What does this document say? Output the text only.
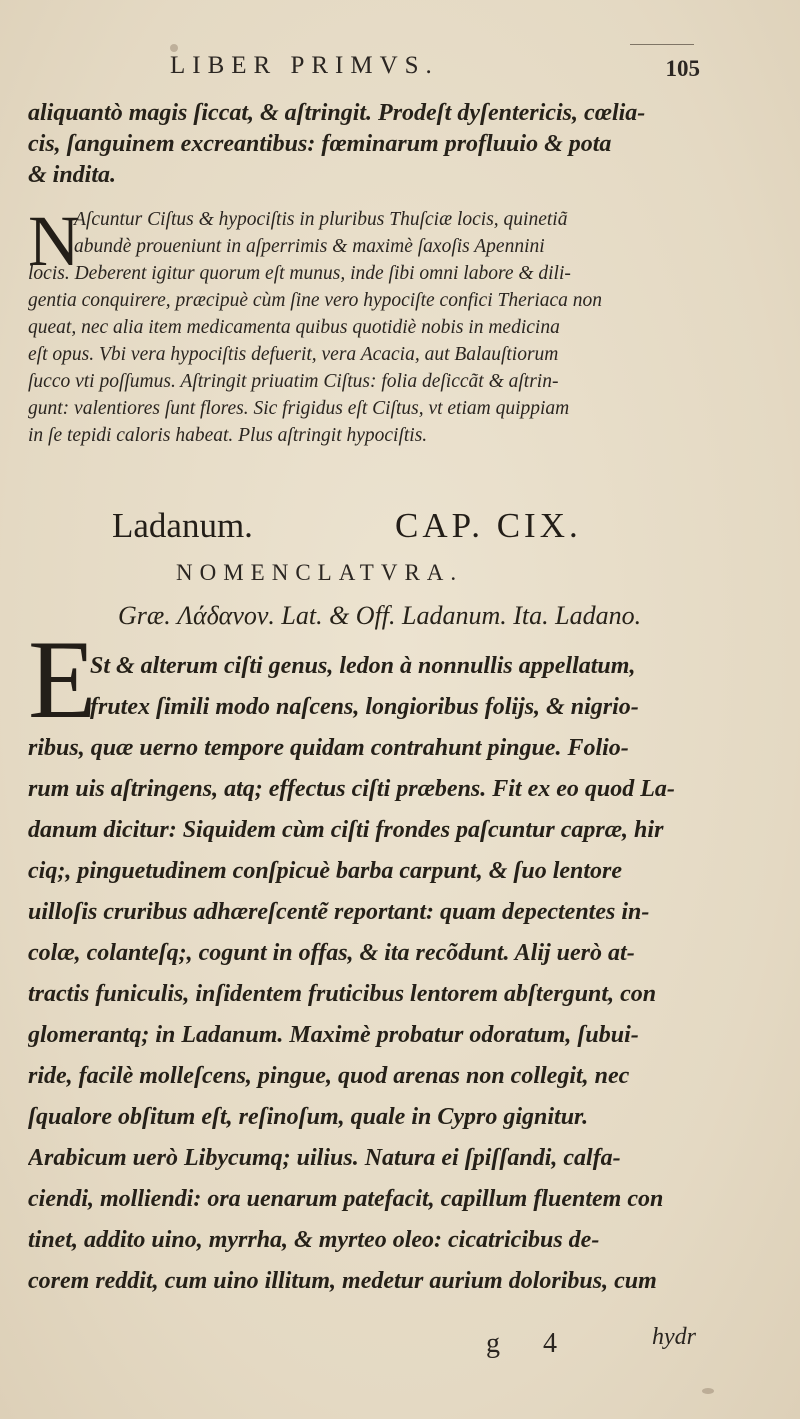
LIBER PRIMVS.	105
aliquantò magis ſiccat, & aſtringit. Prodeſt dyſentericis, cœlia-
cis, ſanguinem excreantibus: fœminarum profluuio & pota
& indita.
N
Aſcuntur Ciſtus & hypociſtis in pluribus Thuſciæ locis, quinetiã
abundè proueniunt in aſperrimis & maximè ſaxoſis Apennini
locis. Deberent igitur quorum eſt munus, inde ſibi omni labore & dili-
gentia conquirere, præcipuè cùm ſine vero hypociſte confici Theriaca non
queat, nec alia item medicamenta quibus quotidiè nobis in medicina
eſt opus. Vbi vera hypociſtis defuerit, vera Acacia, aut Balauſtiorum
ſucco vti poſſumus. Aſtringit priuatim Ciſtus: folia deſiccãt & aſtrin-
gunt: valentiores ſunt flores. Sic frigidus eſt Ciſtus, vt etiam quippiam
in ſe tepidi caloris habeat. Plus aſtringit hypociſtis.
Ladanum.	CAP. CIX.
NOMENCLATVRA.
Græ. Λάδανον. Lat. & Off. Ladanum. Ita. Ladano.
E
St & alterum ciſti genus, ledon à nonnullis appellatum,
frutex ſimili modo naſcens, longioribus folijs, & nigrio-
ribus, quæ uerno tempore quidam contrahunt pingue. Folio-
rum uis aſtringens, atq; effectus ciſti præbens. Fit ex eo quod La-
danum dicitur: Siquidem cùm ciſti frondes paſcuntur capræ, hir
ciq;, pinguetudinem conſpicuè barba carpunt, & ſuo lentore
uilloſis cruribus adhæreſcentẽ reportant: quam depectentes in-
colæ, colanteſq;, cogunt in offas, & ita recõdunt. Alij uerò at-
tractis funiculis, inſidentem fruticibus lentorem abſtergunt, con
glomerantq; in Ladanum. Maximè probatur odoratum, ſubui-
ride, facilè molleſcens, pingue, quod arenas non collegit, nec
ſqualore obſitum eſt, reſinoſum, quale in Cypro gignitur.
Arabicum uerò Libycumq; uilius. Natura ei ſpiſſandi, calfa-
ciendi, molliendi: ora uenarum patefacit, capillum fluentem con
tinet, addito uino, myrrha, & myrteo oleo: cicatricibus de-
corem reddit, cum uino illitum, medetur aurium doloribus, cum
g 4	hydr
